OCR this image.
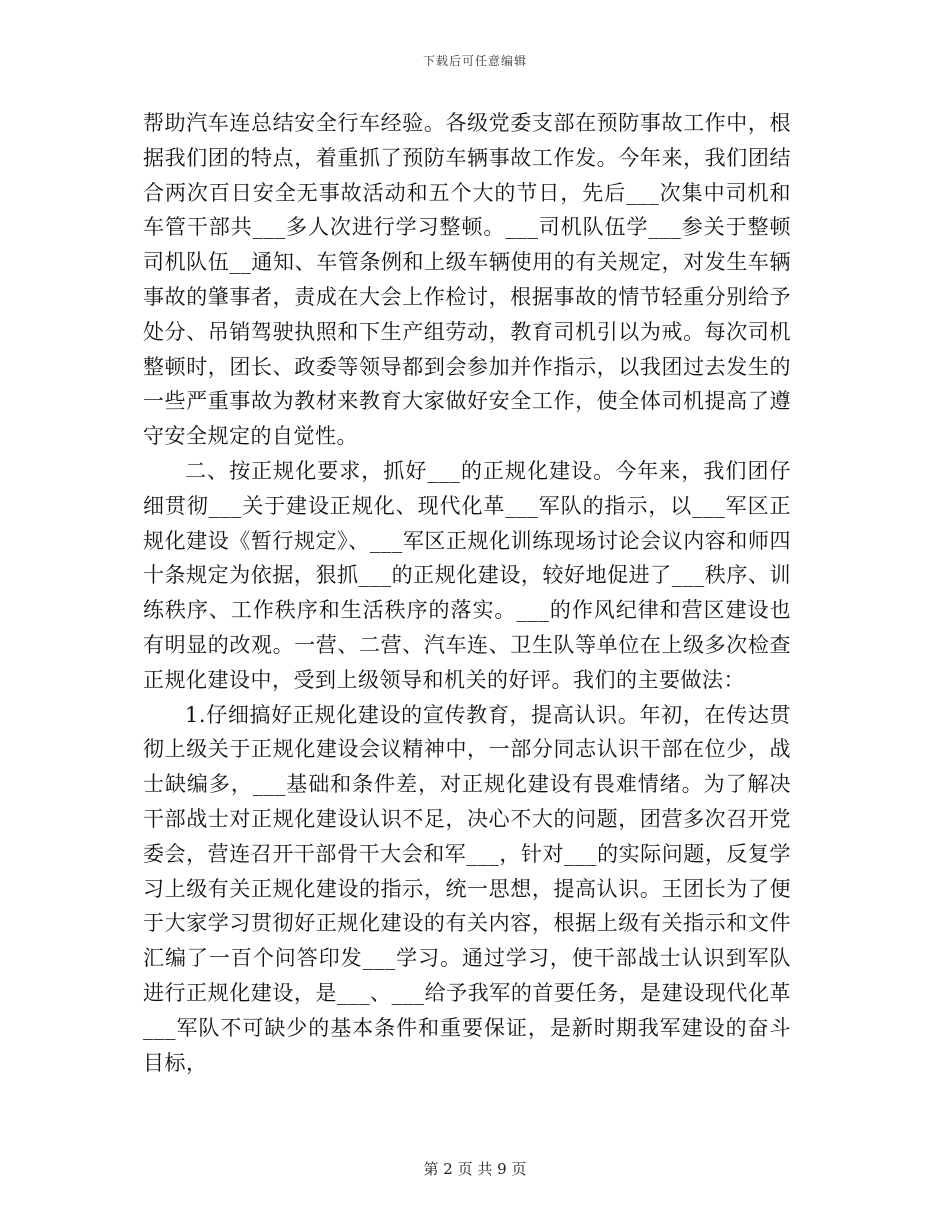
下载后可任意编辑

帮助汽车连总结安全行车经验。各级党委支部在预防事故工作中，根据我们团的特点，着重抓了预防车辆事故工作发。今年来，我们团结合两次百日安全无事故活动和五个大的节日，先后___次集中司机和车管干部共___多人次进行学习整顿。___司机队伍学___参关于整顿司机队伍__通知、车管条例和上级车辆使用的有关规定，对发生车辆事故的肇事者，责成在大会上作检讨，根据事故的情节轻重分别给予处分、吊销驾驶执照和下生产组劳动，教育司机引以为戒。每次司机整顿时，团长、政委等领导都到会参加并作指示，以我团过去发生的一些严重事故为教材来教育大家做好安全工作，使全体司机提高了遵守安全规定的自觉性。

二、按正规化要求，抓好___的正规化建设。今年来，我们团仔细贯彻___关于建设正规化、现代化革___军队的指示，以___军区正规化建设《暂行规定》、___军区正规化训练现场讨论会议内容和师四十条规定为依据，狠抓___的正规化建设，较好地促进了___秩序、训练秩序、工作秩序和生活秩序的落实。___的作风纪律和营区建设也有明显的改观。一营、二营、汽车连、卫生队等单位在上级多次检查正规化建设中，受到上级领导和机关的好评。我们的主要做法：

1.仔细搞好正规化建设的宣传教育，提高认识。年初，在传达贯彻上级关于正规化建设会议精神中，一部分同志认识干部在位少，战士缺编多，___基础和条件差，对正规化建设有畏难情绪。为了解决干部战士对正规化建设认识不足，决心不大的问题，团营多次召开党委会，营连召开干部骨干大会和军___，针对___的实际问题，反复学习上级有关正规化建设的指示，统一思想，提高认识。王团长为了便于大家学习贯彻好正规化建设的有关内容，根据上级有关指示和文件汇编了一百个问答印发___学习。通过学习，使干部战士认识到军队进行正规化建设，是___、___给予我军的首要任务，是建设现代化革___军队不可缺少的基本条件和重要保证，是新时期我军建设的奋斗目标，

第 2 页 共 9 页
